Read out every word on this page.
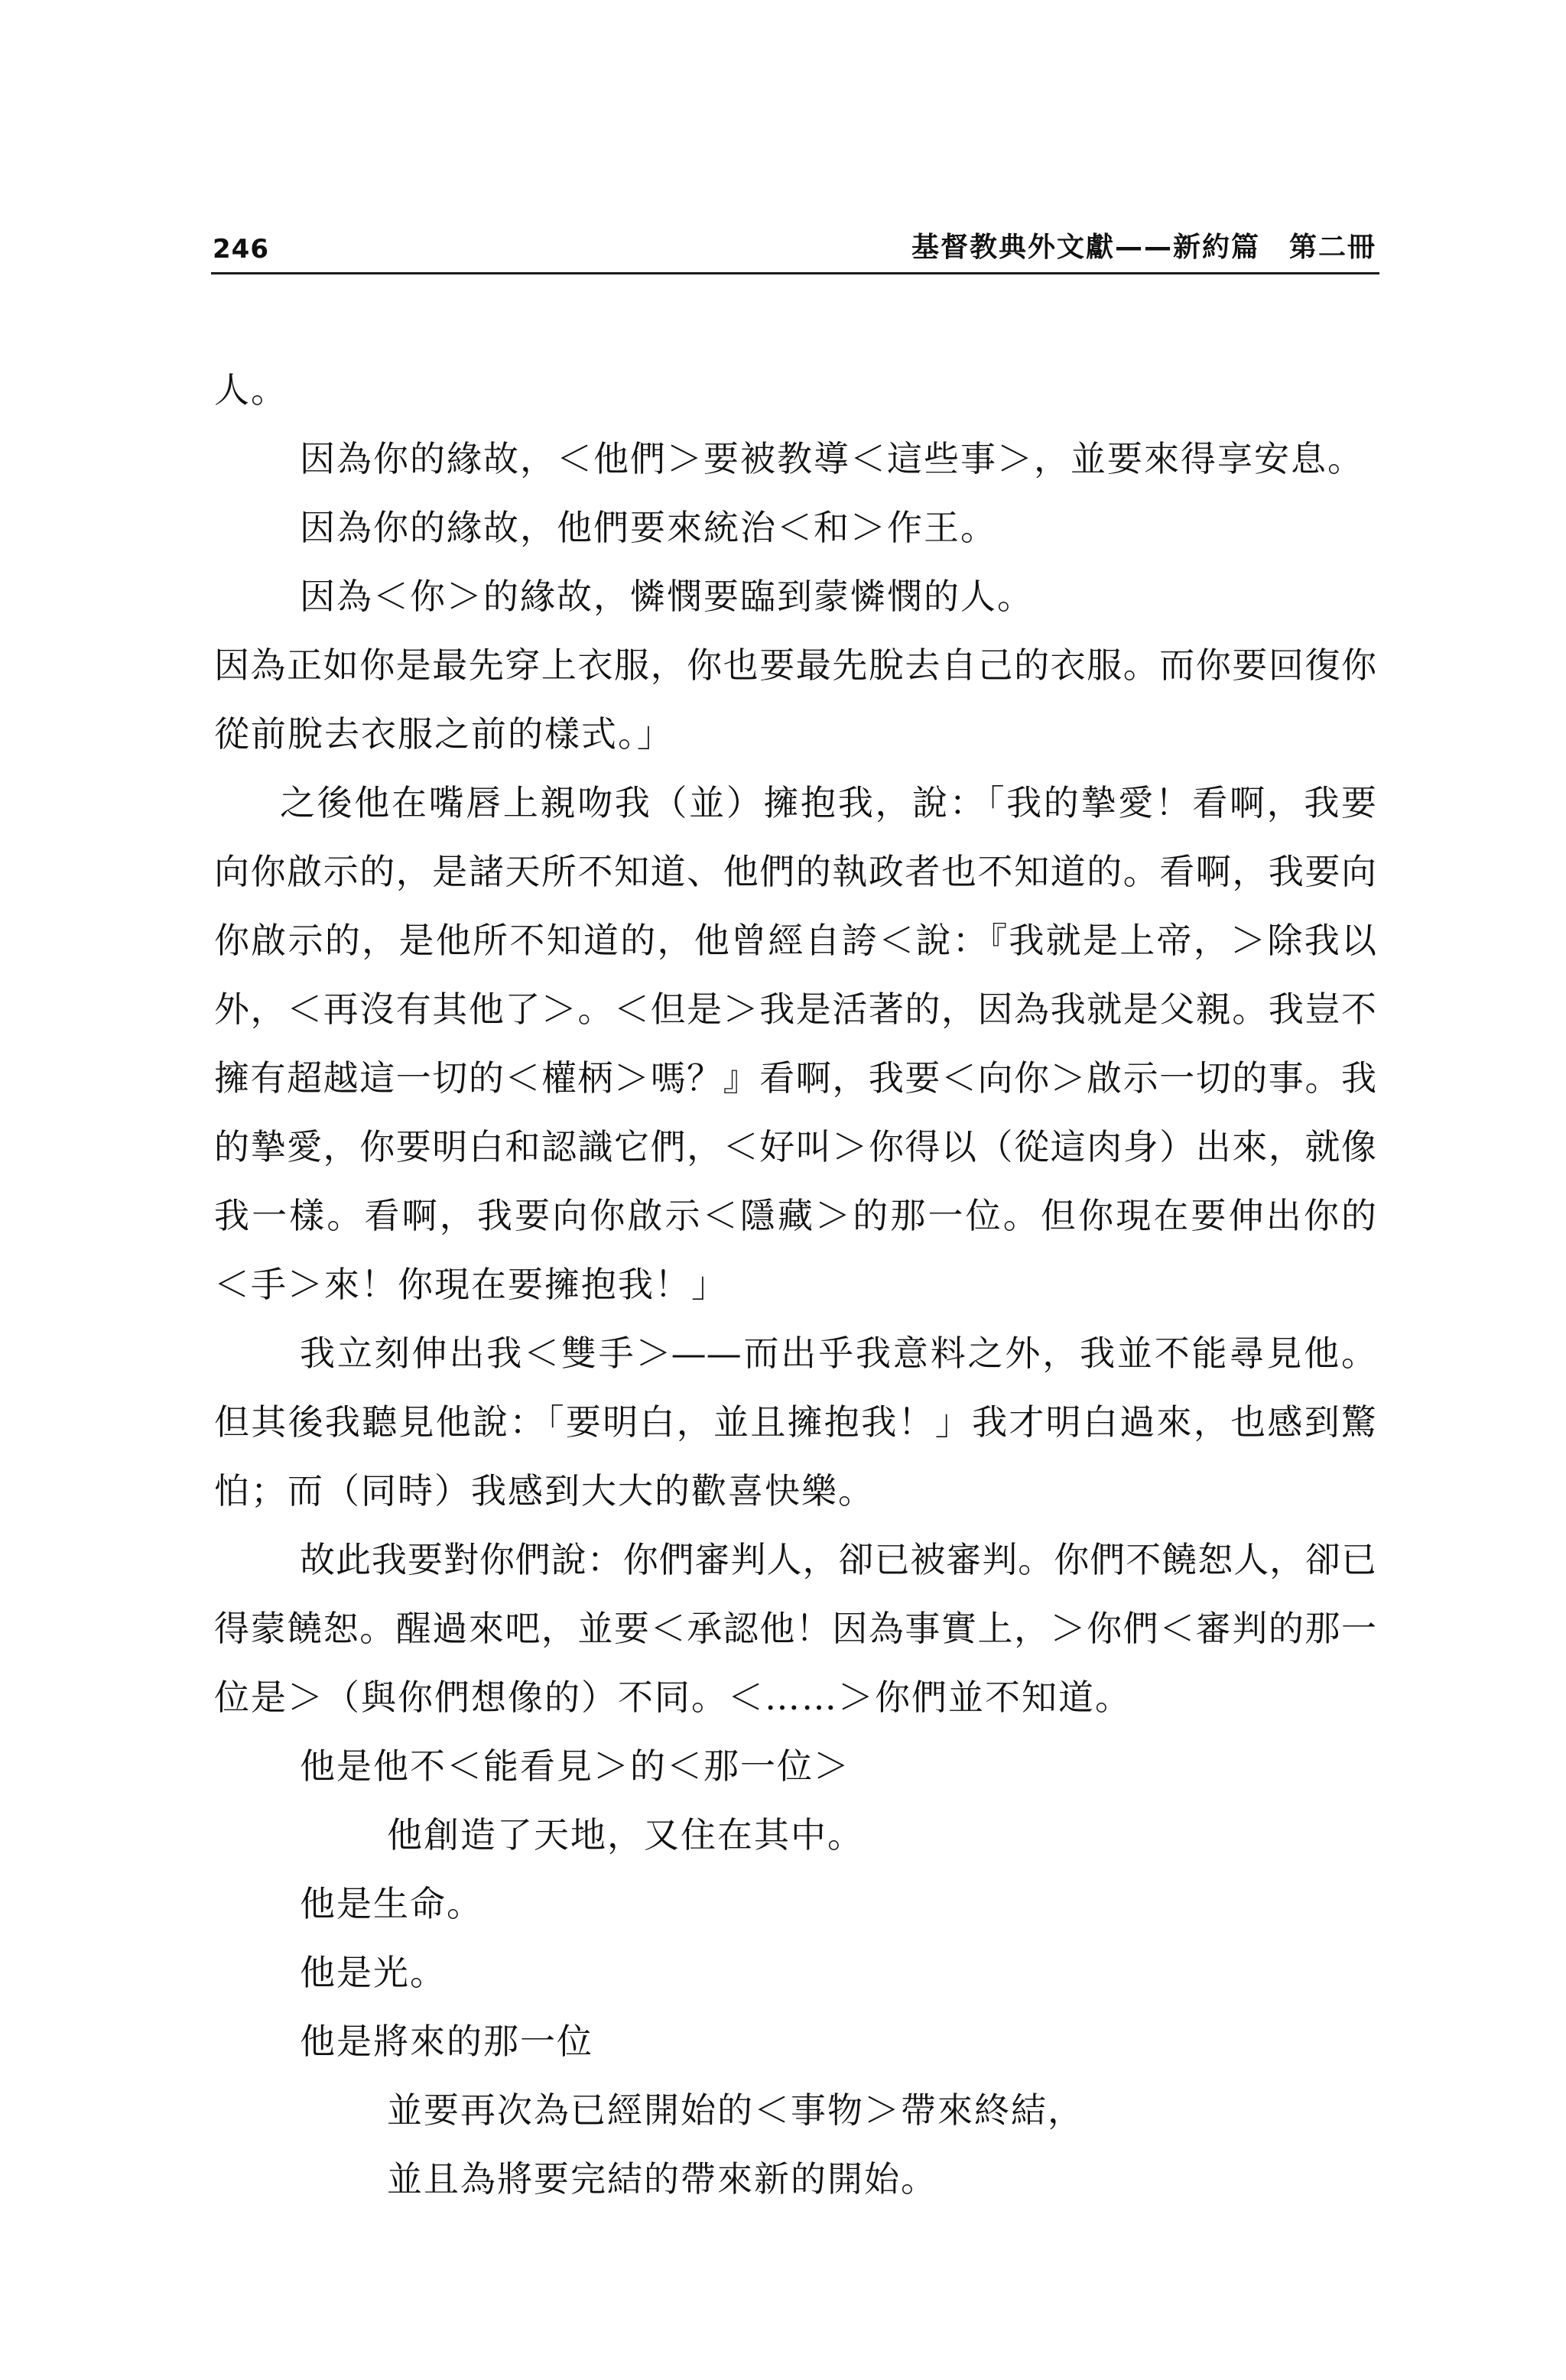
246	基督教典外文獻——新約篇　第二冊
人。
因為你的緣故，＜他們＞要被教導＜這些事＞，並要來得享安息。
因為你的緣故，他們要來統治＜和＞作王。
因為＜你＞的緣故，憐憫要臨到蒙憐憫的人。
因為正如你是最先穿上衣服，你也要最先脫去自己的衣服。而你要回復你
從前脫去衣服之前的樣式。」
之後他在嘴唇上親吻我（並）擁抱我，說：「我的摯愛！看啊，我要
向你啟示的，是諸天所不知道、他們的執政者也不知道的。看啊，我要向
你啟示的，是他所不知道的，他曾經自誇＜說：『我就是上帝，＞除我以
外，＜再沒有其他了＞。＜但是＞我是活著的，因為我就是父親。我豈不
擁有超越這一切的＜權柄＞嗎？』看啊，我要＜向你＞啟示一切的事。我
的摯愛，你要明白和認識它們，＜好叫＞你得以（從這肉身）出來，就像
我一樣。看啊，我要向你啟示＜隱藏＞的那一位。但你現在要伸出你的
＜手＞來！你現在要擁抱我！」
我立刻伸出我＜雙手＞——而出乎我意料之外，我並不能尋見他。
但其後我聽見他說：「要明白，並且擁抱我！」我才明白過來，也感到驚
怕；而（同時）我感到大大的歡喜快樂。
故此我要對你們說：你們審判人，卻已被審判。你們不饒恕人，卻已
得蒙饒恕。醒過來吧，並要＜承認他！因為事實上，＞你們＜審判的那一
位是＞（與你們想像的）不同。＜……＞你們並不知道。
他是他不＜能看見＞的＜那一位＞
他創造了天地，又住在其中。
他是生命。
他是光。
他是將來的那一位
並要再次為已經開始的＜事物＞帶來終結，
並且為將要完結的帶來新的開始。
